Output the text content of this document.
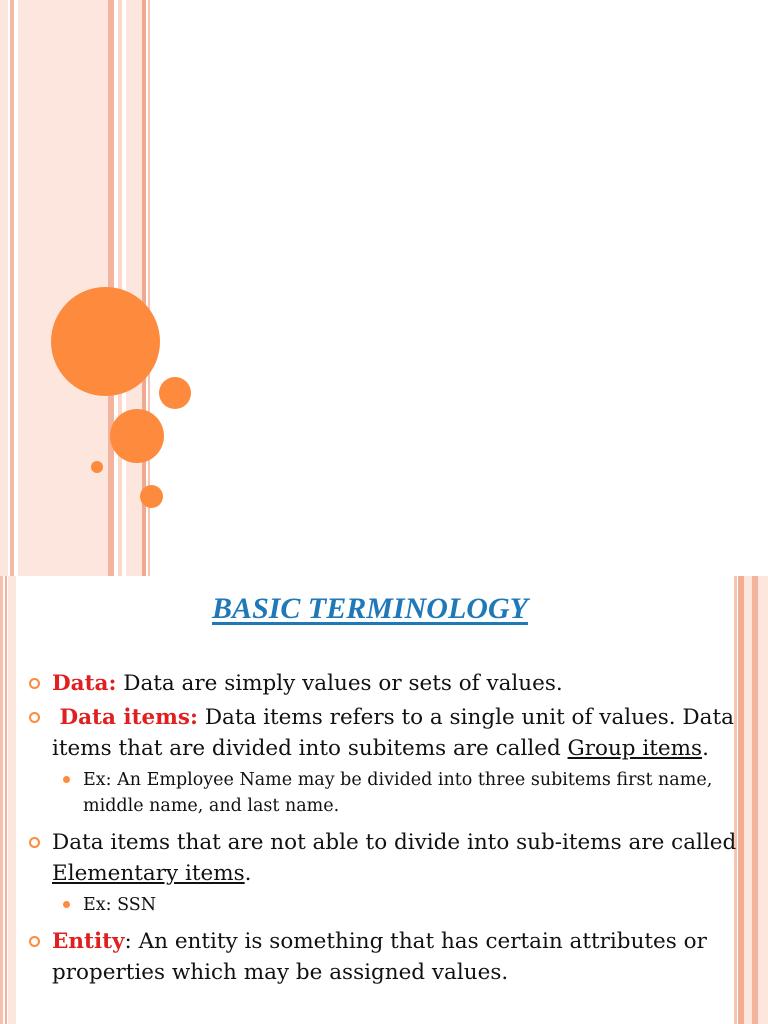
BASIC TERMINOLOGY
Data: Data are simply values or sets of values.
Data items: Data items refers to a single unit of values. Data items that are divided into subitems are called Group items.
Ex: An Employee Name may be divided into three subitems first name, middle name, and last name.
Data items that are not able to divide into sub-items are called Elementary items.
Ex: SSN
Entity: An entity is something that has certain attributes or properties which may be assigned values.
